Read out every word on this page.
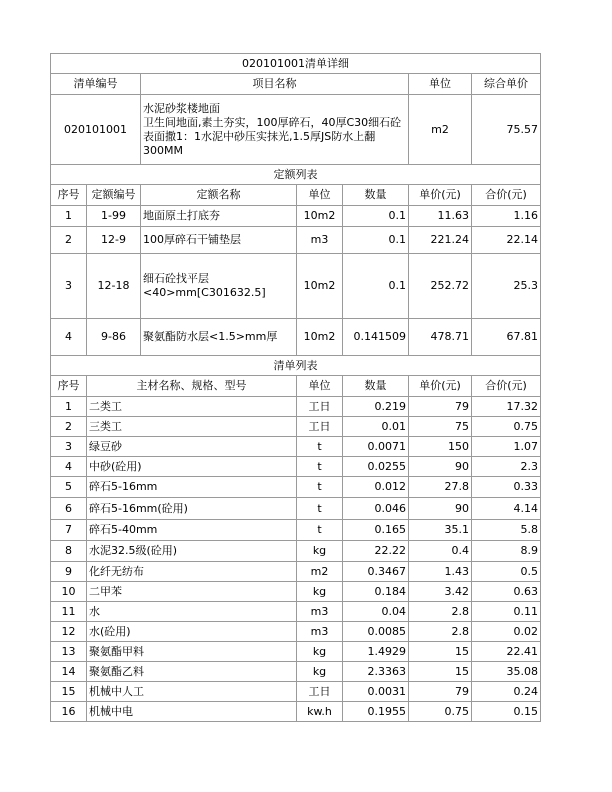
020101001清单详细						
清单编号		项目名称			单位	综合单价
020101001		水泥砂浆楼地面
卫生间地面,素土夯实，100厚碎石，40厚C30细石砼表面撒1：1水泥中砂压实抹光,1.5厚JS防水上翻300MM			m2	75.57
定额列表						
序号	定额编号	定额名称	单位	数量	单价(元)	合价(元)
1	1-99	地面原土打底夯	10m2	0.1	11.63	1.16
2	12-9	100厚碎石干铺垫层	m3	0.1	221.24	22.14
3	12-18	细石砼找平层<40>mm[C301632.5]	10m2	0.1	252.72	25.3
4	9-86	聚氨酯防水层<1.5>mm厚	10m2	0.141509	478.71	67.81
清单列表						
序号	主材名称、规格、型号		单位	数量	单价(元)	合价(元)
1	二类工		工日	0.219	79	17.32
2	三类工		工日	0.01	75	0.75
3	绿豆砂		t	0.0071	150	1.07
4	中砂(砼用)		t	0.0255	90	2.3
5	碎石5-16mm		t	0.012	27.8	0.33
6	碎石5-16mm(砼用)		t	0.046	90	4.14
7	碎石5-40mm		t	0.165	35.1	5.8
8	水泥32.5级(砼用)		kg	22.22	0.4	8.9
9	化纤无纺布		m2	0.3467	1.43	0.5
10	二甲苯		kg	0.184	3.42	0.63
11	水		m3	0.04	2.8	0.11
12	水(砼用)		m3	0.0085	2.8	0.02
13	聚氨酯甲料		kg	1.4929	15	22.41
14	聚氨酯乙料		kg	2.3363	15	35.08
15	机械中人工		工日	0.0031	79	0.24
16	机械中电		kw.h	0.1955	0.75	0.15
